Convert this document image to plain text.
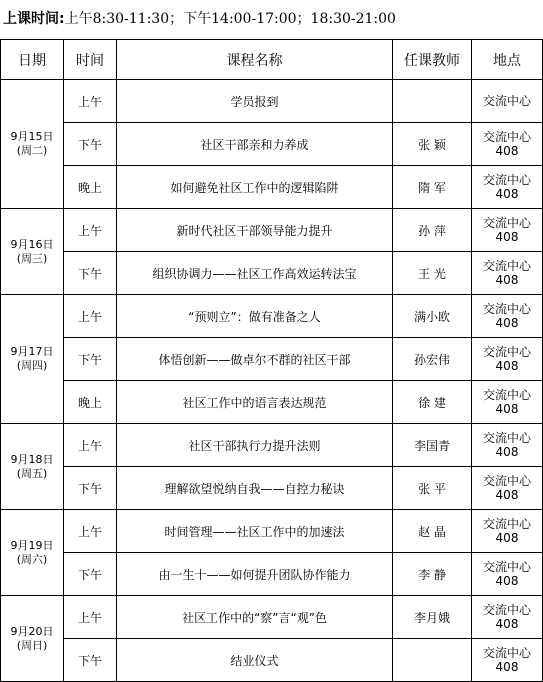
上课时间:上午8:30-11:30；下午14:00-17:00；18:30-21:00
日期	时间	课程名称	任课教师	地点

9月15日
(周二)	上午	学员报到		交流中心

	下午	社区干部亲和力养成	张 颖	交流中心
408

	晚上	如何避免社区工作中的逻辑陷阱	隋 军	交流中心
408

9月16日
(周三)	上午	新时代社区干部领导能力提升	孙 萍	交流中心
408

	下午	组织协调力——社区工作高效运转法宝	王 光	交流中心
408

9月17日
(周四)	上午	“预则立”：做有准备之人	满小欧	交流中心
408

	下午	体悟创新——做卓尔不群的社区干部	孙宏伟	交流中心
408

	晚上	社区工作中的语言表达规范	徐 建	交流中心
408

9月18日
(周五)	上午	社区干部执行力提升法则	李国青	交流中心
408

	下午	理解欲望悦纳自我——自控力秘诀	张 平	交流中心
408

9月19日
(周六)	上午	时间管理——社区工作中的加速法	赵 晶	交流中心
408

	下午	由一生十——如何提升团队协作能力	李 静	交流中心
408

9月20日
(周日)	上午	社区工作中的“察”言“观”色	李月娥	交流中心
408

	下午	结业仪式		交流中心
408
